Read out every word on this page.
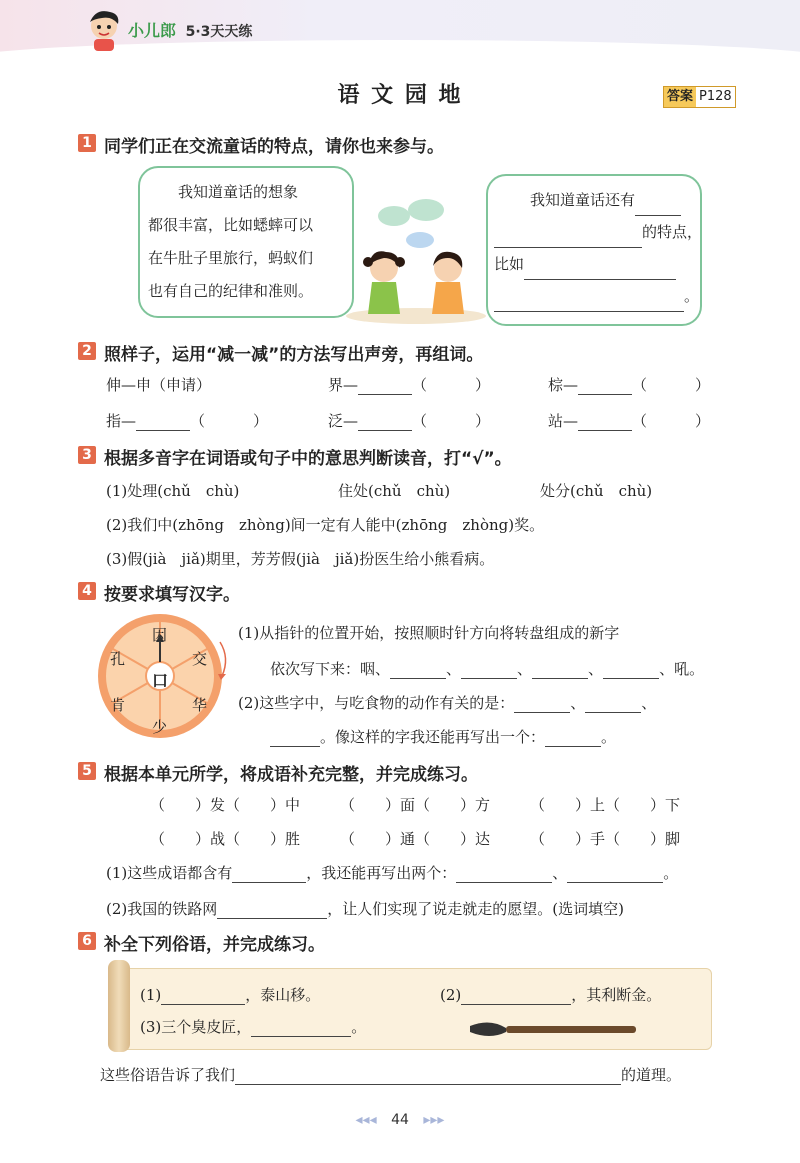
小儿郎 5·3天天练
语 文 园 地	答案 P128
1 同学们正在交流童话的特点，请你也来参与。
我知道童话的想象
都很丰富，比如蟋蟀可以
在牛肚子里旅行，蚂蚁们
也有自己的纪律和准则。
我知道童话还有
的特点，
比如
。
2 照样子，运用“减一减”的方法写出声旁，再组词。
伸—申（申请）	界—	（	）	棕—	（	）
指—	（	）	泛—	（	）	站—	（	）
3 根据多音字在词语或句子中的意思判断读音，打“√”。
(1)处理(chǔ　chù)	住处(chǔ　chù)	处分(chǔ　chù)
(2)我们中(zhōng　zhòng)间一定有人能中(zhōng　zhòng)奖。
(3)假(jià　jiǎ)期里，芳芳假(jià　jiǎ)扮医生给小熊看病。
4 按要求填写汉字。
口
因
交
华
少
肯
孔
(1)从指针的位置开始，按照顺时针方向将转盘组成的新字
依次写下来：咽、	、	、	、	、吼。
(2)这些字中，与吃食物的动作有关的是：	、	、
。像这样的字我还能再写出一个：	。
5 根据本单元所学，将成语补充完整，并完成练习。
（　　）发（　　）中	（　　）面（　　）方	（　　）上（　　）下
（　　）战（　　）胜	（　　）通（　　）达	（　　）手（　　）脚
(1)这些成语都含有	，我还能再写出两个：	、	。
(2)我国的铁路网	，让人们实现了说走就走的愿望。(选词填空)
6 补全下列俗语，并完成练习。
(1)	，泰山移。	(2)	，其利断金。
(3)三个臭皮匠，	。
这些俗语告诉了我们	的道理。
◂◂◂ 44 ▸▸▸
